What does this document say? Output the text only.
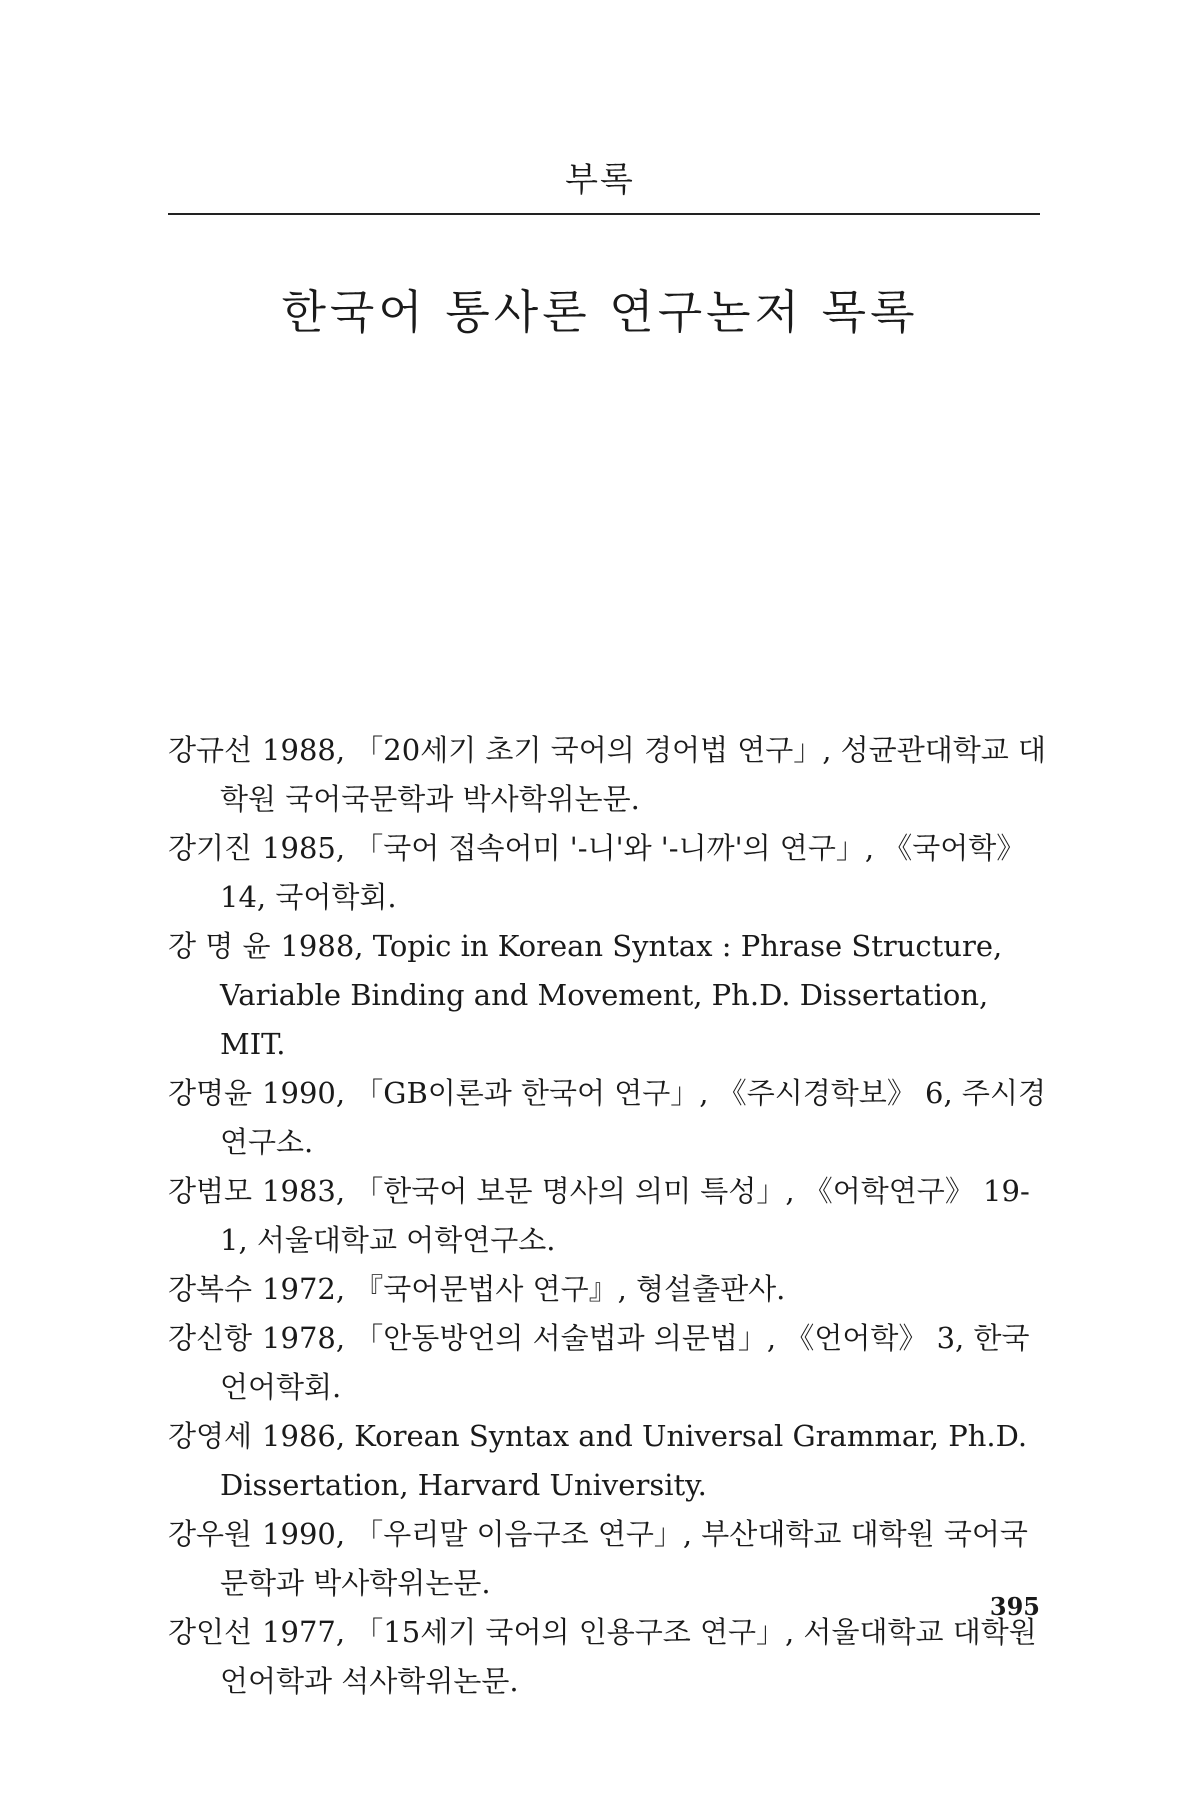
부록
한국어 통사론 연구논저 목록
강규선 1988, 「20세기 초기 국어의 경어법 연구」, 성균관대학교 대학원 국어국문학과 박사학위논문.
강기진 1985, 「국어 접속어미 '-니'와 '-니까'의 연구」, 《국어학》 14, 국어학회.
강 명 윤 1988, Topic in Korean Syntax : Phrase Structure, Variable Binding and Movement, Ph.D. Dissertation, MIT.
강명윤 1990, 「GB이론과 한국어 연구」, 《주시경학보》 6, 주시경연구소.
강범모 1983, 「한국어 보문 명사의 의미 특성」, 《어학연구》 19-1, 서울대학교 어학연구소.
강복수 1972, 『국어문법사 연구』, 형설출판사.
강신항 1978, 「안동방언의 서술법과 의문법」, 《언어학》 3, 한국언어학회.
강영세 1986, Korean Syntax and Universal Grammar, Ph.D. Dissertation, Harvard University.
강우원 1990, 「우리말 이음구조 연구」, 부산대학교 대학원 국어국문학과 박사학위논문.
강인선 1977, 「15세기 국어의 인용구조 연구」, 서울대학교 대학원 언어학과 석사학위논문.
395
